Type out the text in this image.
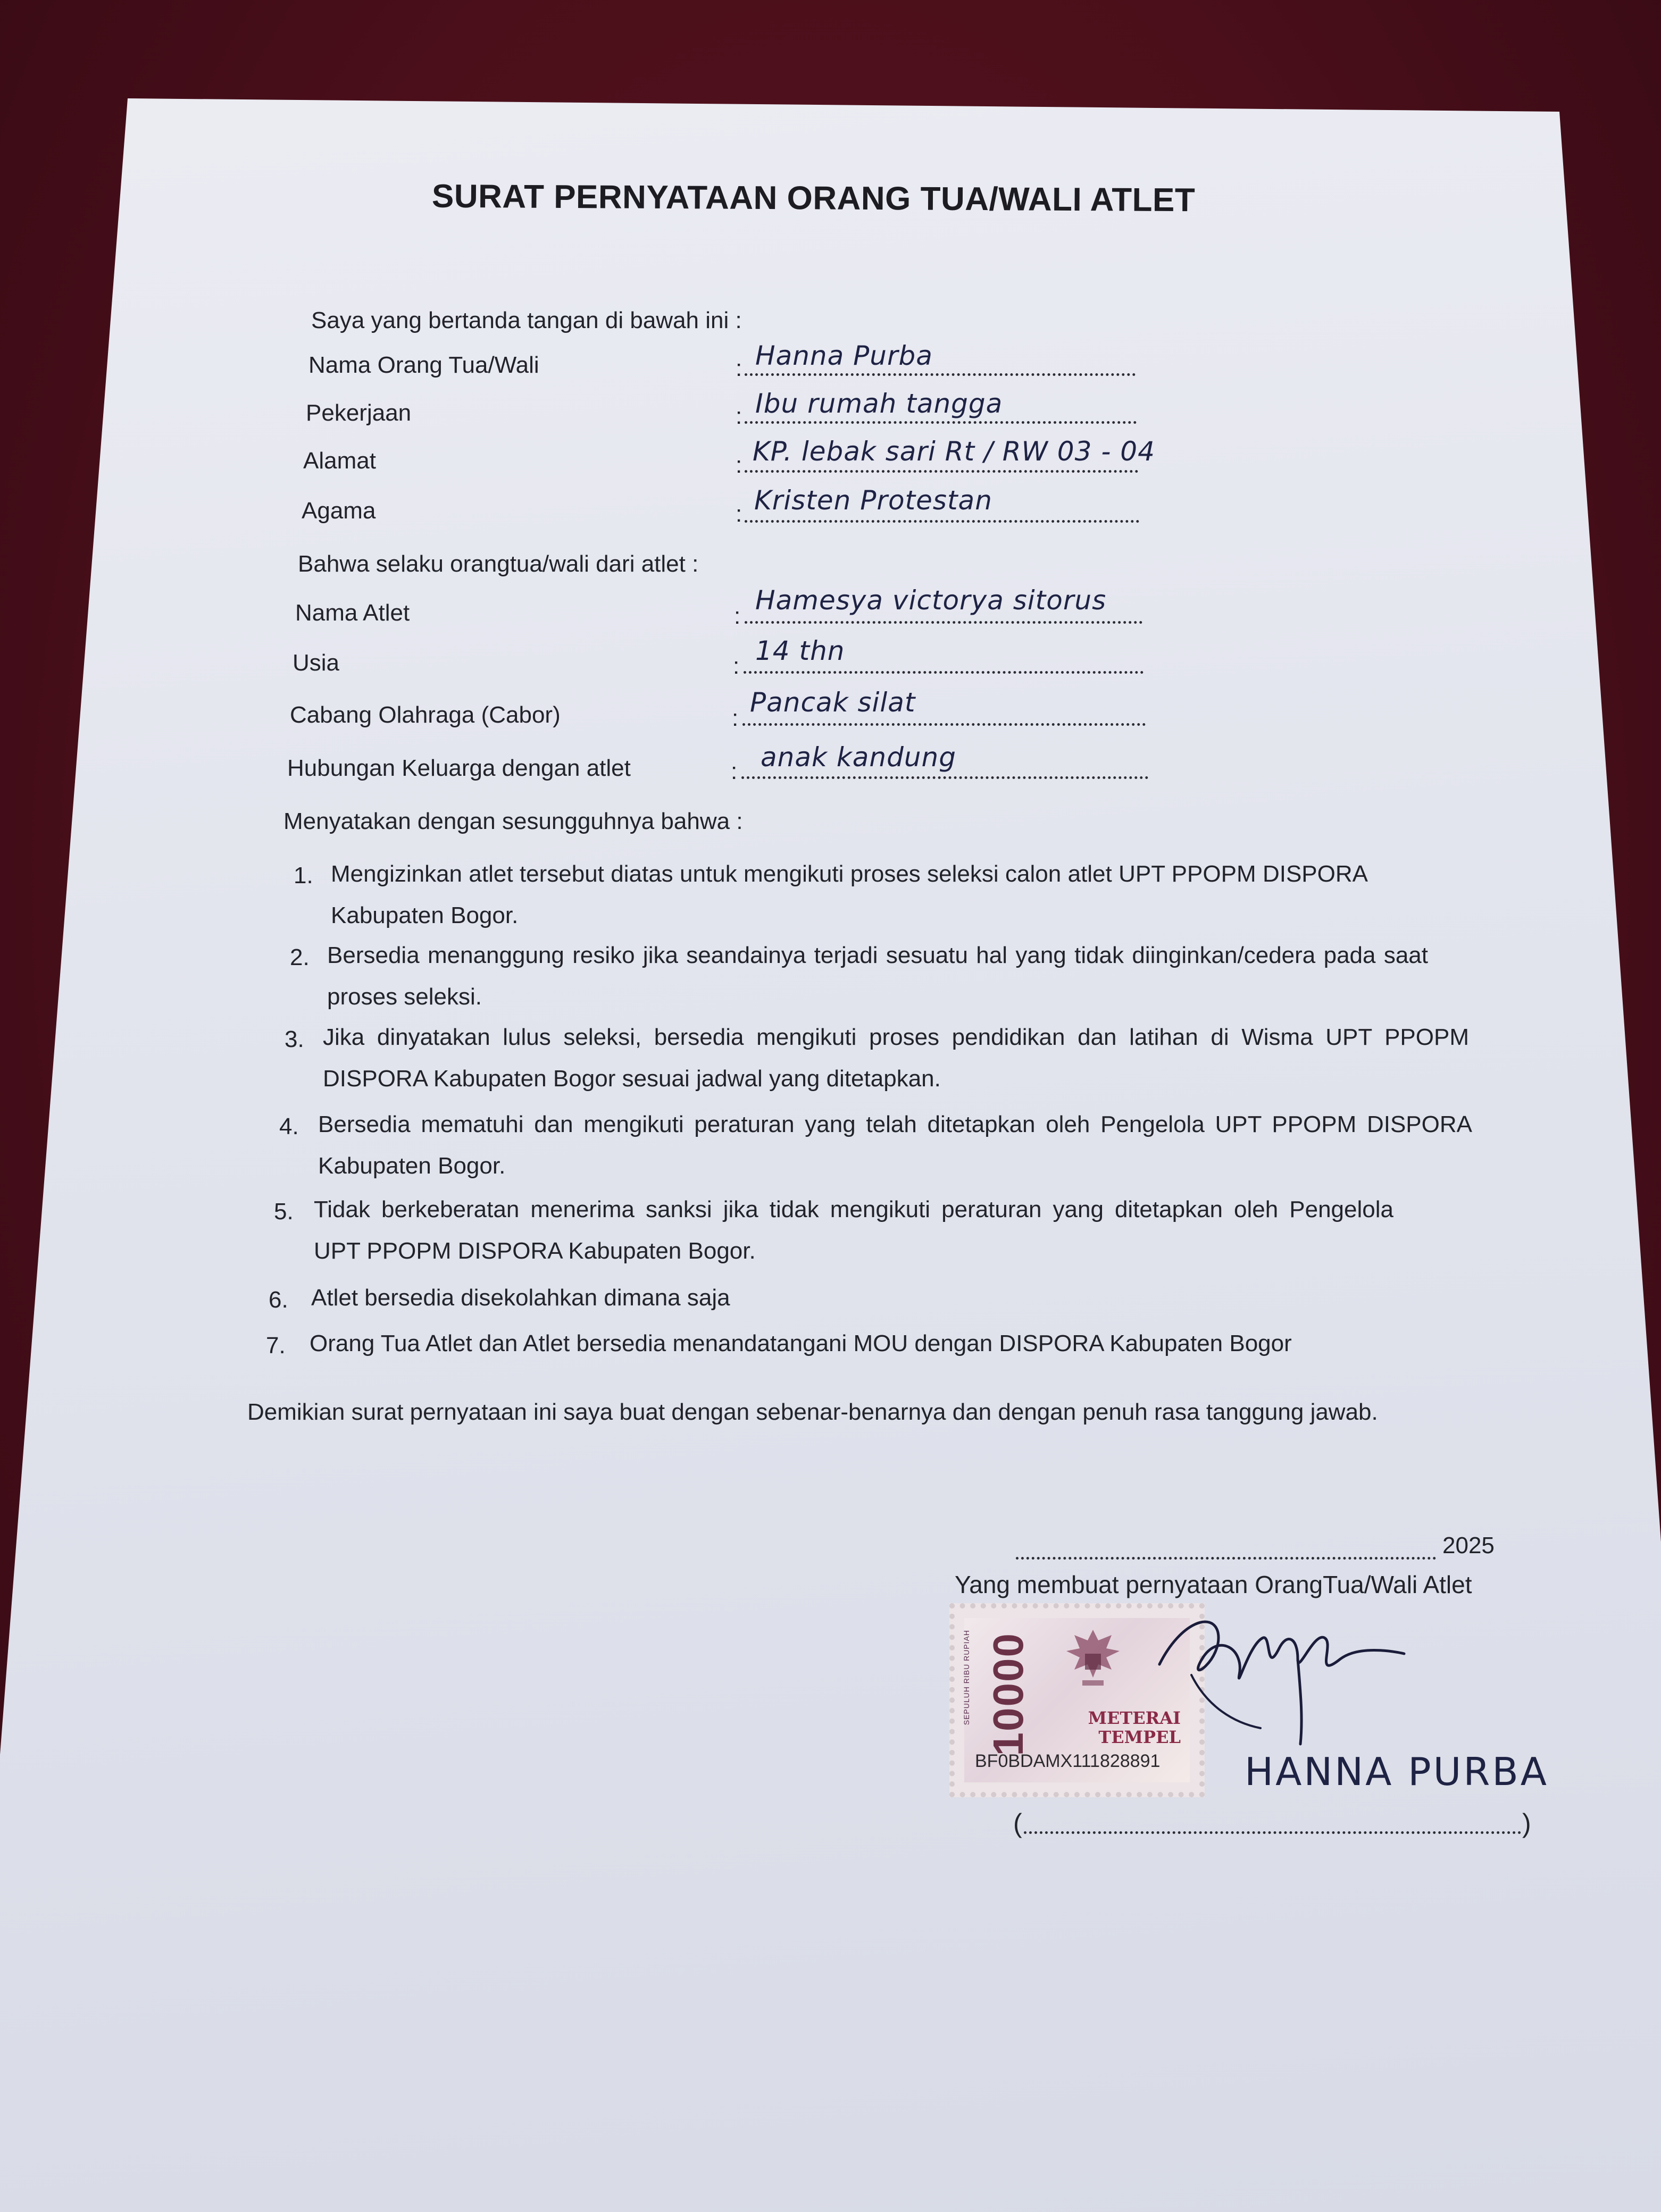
SURAT PERNYATAAN ORANG TUA/WALI ATLET
Saya yang bertanda tangan di bawah ini :
Nama Orang Tua/Wali	: Hanna Purba
Pekerjaan	: Ibu rumah tangga
Alamat	: KP. lebak sari Rt / RW 03 - 04
Agama	: Kristen Protestan
Bahwa selaku orangtua/wali dari atlet :
Nama Atlet	:
Hamesya victorya sitorus
Usia	: 14 thn
Cabang Olahraga (Cabor)	:
Pancak silat
Hubungan Keluarga dengan atlet	: anak kandung
Menyatakan dengan sesungguhnya bahwa :
1. Mengizinkan atlet tersebut diatas untuk mengikuti proses seleksi calon atlet UPT PPOPM DISPORA Kabupaten Bogor.
2. Bersedia menanggung resiko jika seandainya terjadi sesuatu hal yang tidak diinginkan/cedera pada saat proses seleksi.
3. Jika dinyatakan lulus seleksi, bersedia mengikuti proses pendidikan dan latihan di Wisma UPT PPOPM DISPORA Kabupaten Bogor sesuai jadwal yang ditetapkan.
4. Bersedia mematuhi dan mengikuti peraturan yang telah ditetapkan oleh Pengelola UPT PPOPM DISPORA Kabupaten Bogor.
5. Tidak berkeberatan menerima sanksi jika tidak mengikuti peraturan yang ditetapkan oleh Pengelola UPT PPOPM DISPORA Kabupaten Bogor.
6. Atlet bersedia disekolahkan dimana saja
7. Orang Tua Atlet dan Atlet bersedia menandatangani MOU dengan DISPORA Kabupaten Bogor
Demikian surat pernyataan ini saya buat dengan sebenar-benarnya dan dengan penuh rasa tanggung jawab.
2025
Yang membuat pernyataan OrangTua/Wali Atlet
SEPULUH RIBU RUPIAH 10000	METERAI
TEMPEL
BF0BDAMX111828891 HANNA PURBA
(	)
